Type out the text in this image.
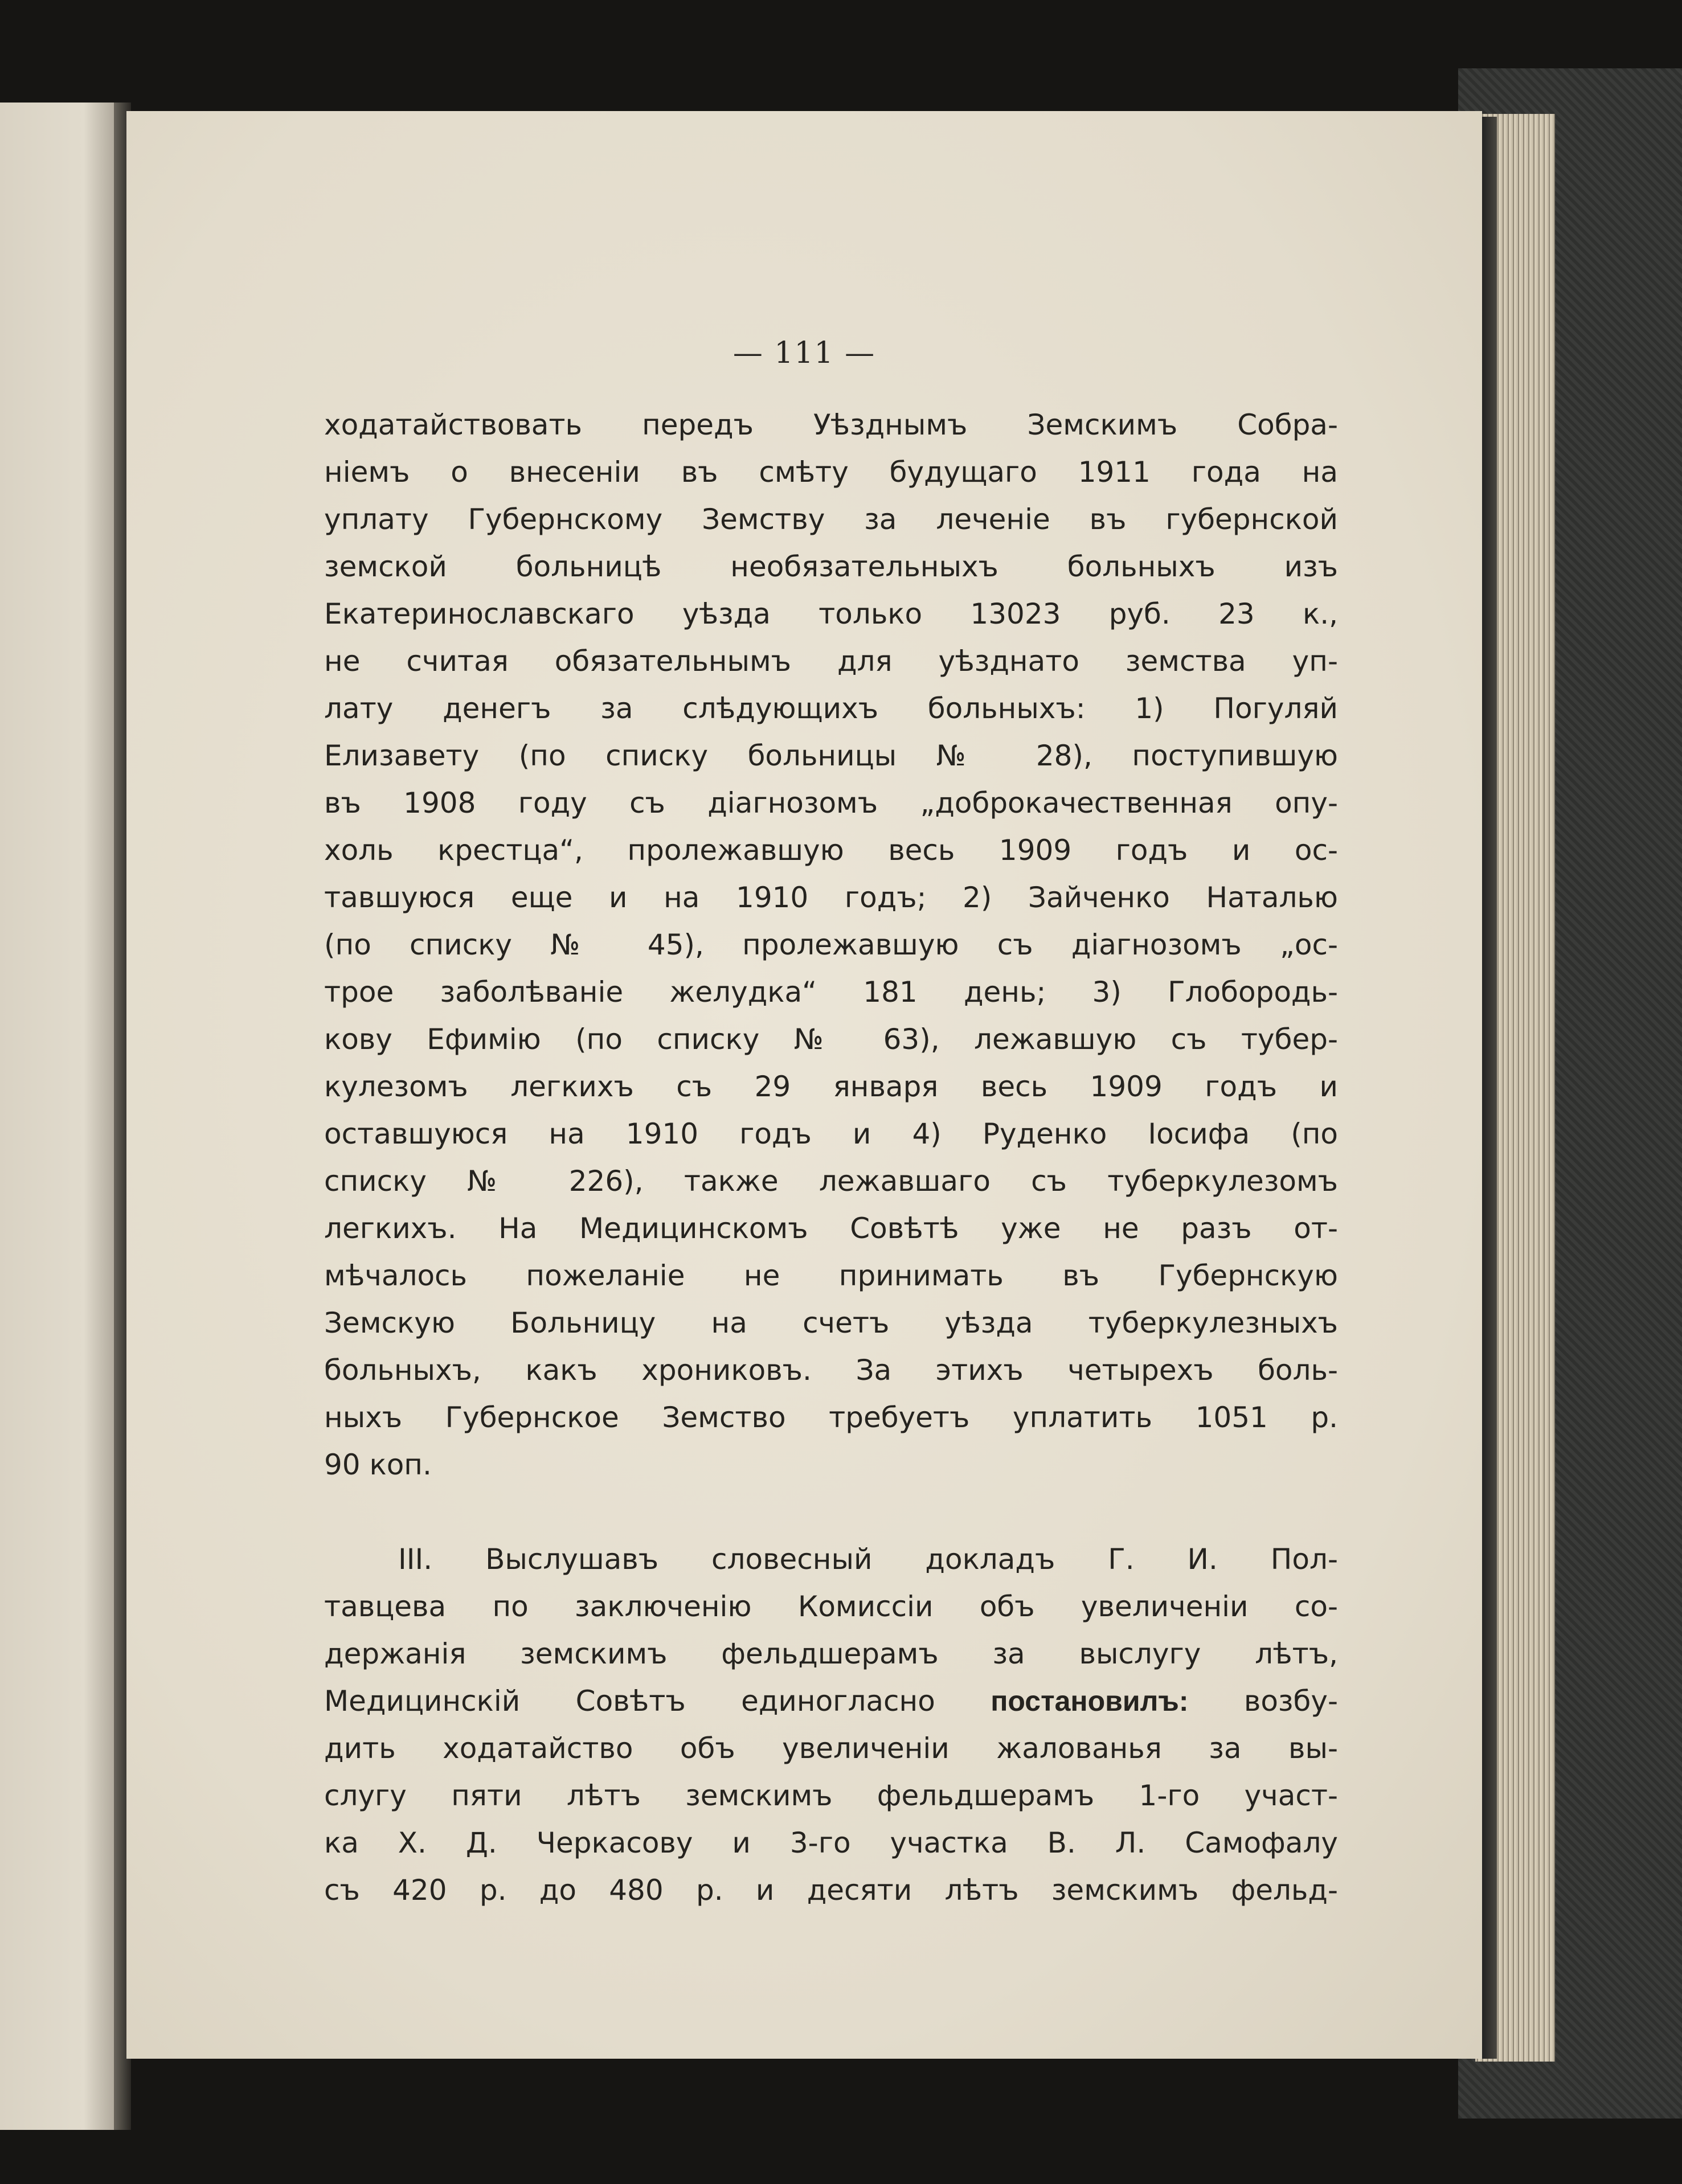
— 111 —
ходатайствовать передъ Уѣзднымъ Земскимъ Собра-
ніемъ о внесеніи въ смѣту будущаго 1911 года на
уплату Губернскому Земству за леченіе въ губернской
земской больницѣ необязательныхъ больныхъ изъ
Екатеринославскаго уѣзда только 13023 руб. 23 к.,
не считая обязательнымъ для уѣзднато земства уп-
лату денегъ за слѣдующихъ больныхъ: 1) Погуляй
Елизавету (по списку больницы № 28), поступившую
въ 1908 году съ діагнозомъ „доброкачественная опу-
холь крестца“, пролежавшую весь 1909 годъ и ос-
тавшуюся еще и на 1910 годъ; 2) Зайченко Наталью
(по списку № 45), пролежавшую съ діагнозомъ „ос-
трое заболѣваніе желудка“ 181 день; 3) Глобородь-
кову Ефимію (по списку № 63), лежавшую съ тубер-
кулезомъ легкихъ съ 29 января весь 1909 годъ и
оставшуюся на 1910 годъ и 4) Руденко Іосифа (по
списку № 226), также лежавшаго съ туберкулезомъ
легкихъ. На Медицинскомъ Совѣтѣ уже не разъ от-
мѣчалось пожеланіе не принимать въ Губернскую
Земскую Больницу на счетъ уѣзда туберкулезныхъ
больныхъ, какъ хрониковъ. За этихъ четырехъ боль-
ныхъ Губернское Земство требуетъ уплатить 1051 р.
90 коп.
III. Выслушавъ словесный докладъ Г. И. Пол-
тавцева по заключенію Комиссіи объ увеличеніи со-
держанія земскимъ фельдшерамъ за выслугу лѣтъ,
Медицинскій Совѣтъ единогласно постановилъ: возбу-
дить ходатайство объ увеличеніи жалованья за вы-
слугу пяти лѣтъ земскимъ фельдшерамъ 1-го участ-
ка Х. Д. Черкасову и 3-го участка В. Л. Самофалу
съ 420 р. до 480 р. и десяти лѣтъ земскимъ фельд-
